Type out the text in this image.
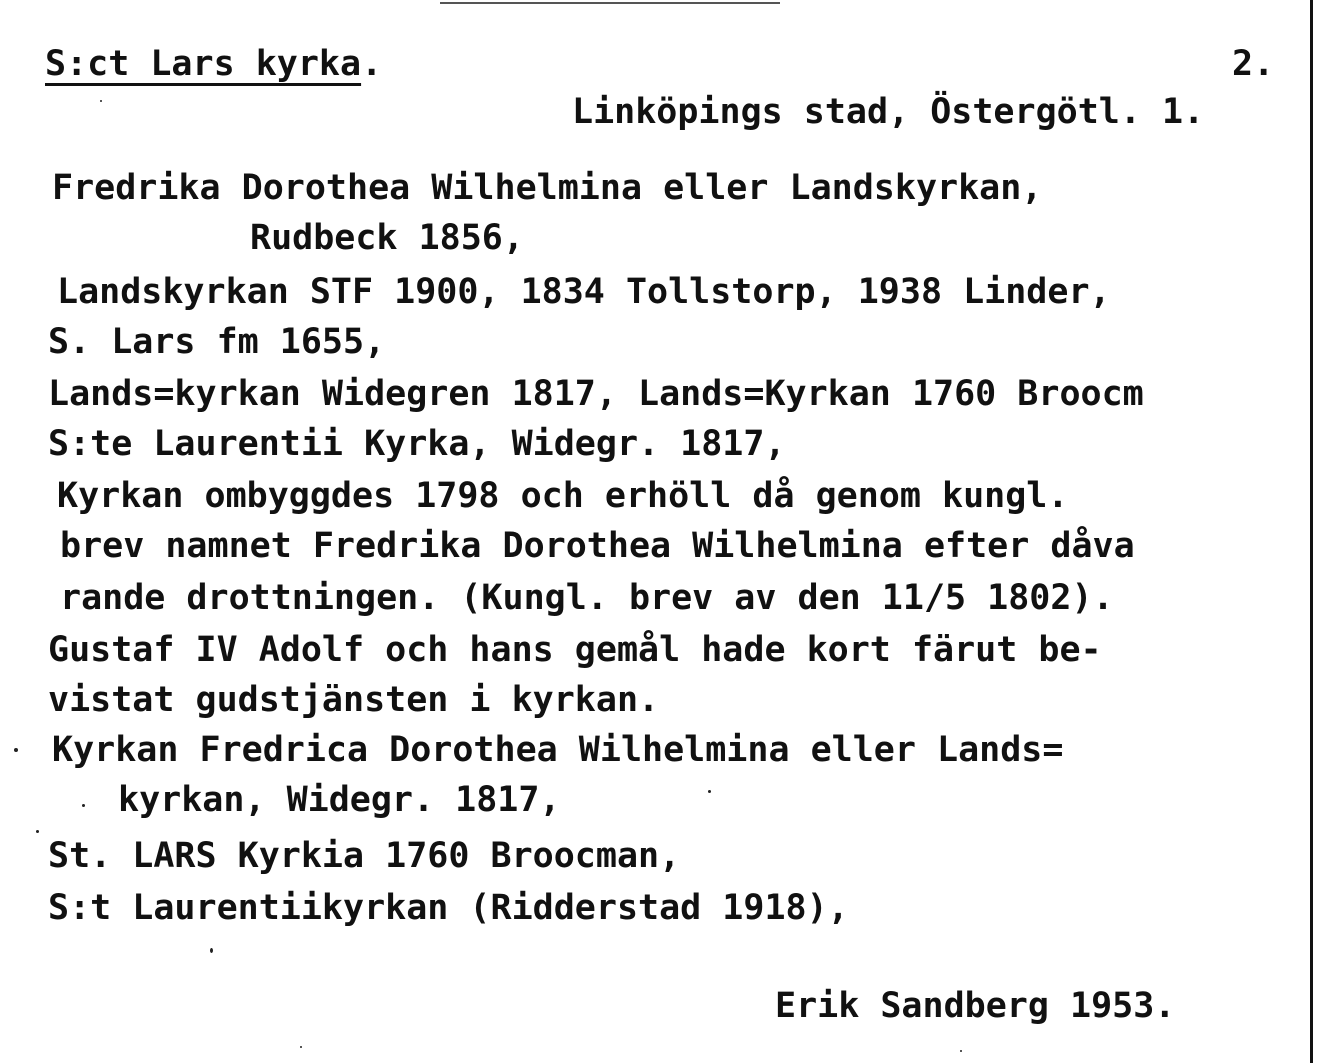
S:ct Lars kyrka.	2.
Linköpings stad, Östergötl. 1.
Fredrika Dorothea Wilhelmina eller Landskyrkan,
Rudbeck 1856,
Landskyrkan STF 1900, 1834 Tollstorp, 1938 Linder,
S. Lars fm 1655,
Lands=kyrkan Widegren 1817, Lands=Kyrkan 1760 Broocm
S:te Laurentii Kyrka, Widegr. 1817,
Kyrkan ombyggdes 1798 och erhöll då genom kungl.
brev namnet Fredrika Dorothea Wilhelmina efter dåva
rande drottningen. (Kungl. brev av den 11/5 1802).
Gustaf IV Adolf och hans gemål hade kort färut be-
vistat gudstjänsten i kyrkan.
Kyrkan Fredrica Dorothea Wilhelmina eller Lands=
kyrkan, Widegr. 1817,
St. LARS Kyrkia 1760 Broocman,
S:t Laurentiikyrkan (Ridderstad 1918),
Erik Sandberg 1953.
